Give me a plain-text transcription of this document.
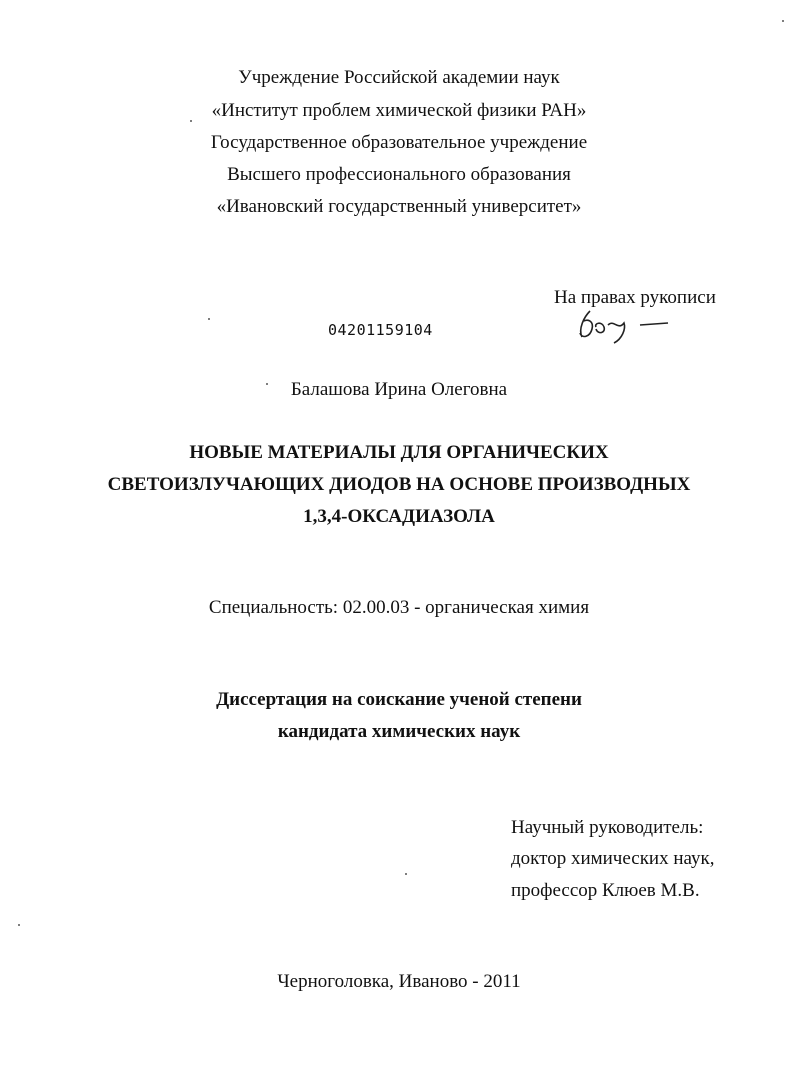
Учреждение Российской академии наук
«Институт проблем химической физики РАН»
Государственное образовательное учреждение
Высшего профессионального образования
«Ивановский государственный университет»
На правах рукописи
04201159104
Балашова Ирина Олеговна
НОВЫЕ МАТЕРИАЛЫ ДЛЯ ОРГАНИЧЕСКИХ
СВЕТОИЗЛУЧАЮЩИХ ДИОДОВ НА ОСНОВЕ ПРОИЗВОДНЫХ
1,3,4-ОКСАДИАЗОЛА
Специальность: 02.00.03 - органическая химия
Диссертация на соискание ученой степени
кандидата химических наук
Научный руководитель:
доктор химических наук,
профессор Клюев М.В.
Черноголовка, Иваново - 2011
